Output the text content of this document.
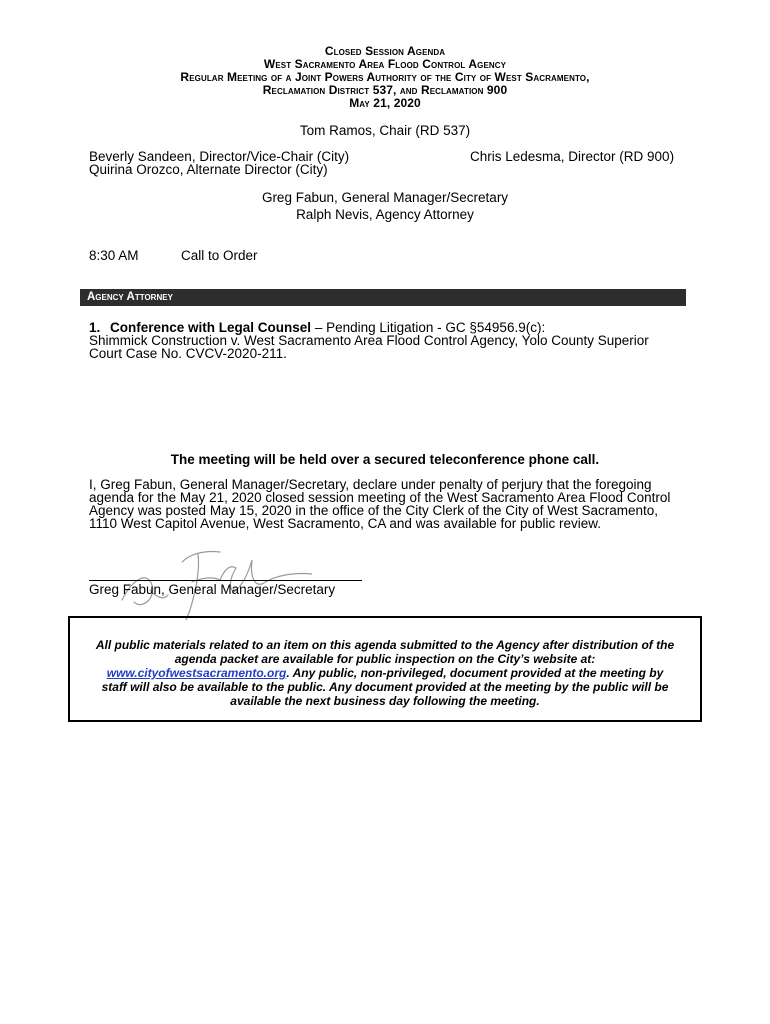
Closed Session Agenda
West Sacramento Area Flood Control Agency
Regular Meeting of a Joint Powers Authority of the City of West Sacramento,
Reclamation District 537, and Reclamation 900
May 21, 2020
Tom Ramos, Chair (RD 537)
Beverly Sandeen, Director/Vice-Chair (City)	Chris Ledesma, Director (RD 900)
Quirina Orozco, Alternate Director (City)
Greg Fabun, General Manager/Secretary
Ralph Nevis, Agency Attorney
8:30 AM	Call to Order
Agency Attorney
1. Conference with Legal Counsel – Pending Litigation - GC §54956.9(c):
Shimmick Construction v. West Sacramento Area Flood Control Agency, Yolo County Superior
Court Case No. CVCV-2020-211.
The meeting will be held over a secured teleconference phone call.
I, Greg Fabun, General Manager/Secretary, declare under penalty of perjury that the foregoing
agenda for the May 21, 2020 closed session meeting of the West Sacramento Area Flood Control
Agency was posted May 15, 2020 in the office of the City Clerk of the City of West Sacramento,
1110 West Capitol Avenue, West Sacramento, CA and was available for public review.
Greg Fabun, General Manager/Secretary
All public materials related to an item on this agenda submitted to the Agency after distribution of the
agenda packet are available for public inspection on the City’s website at:
www.cityofwestsacramento.org. Any public, non-privileged, document provided at the meeting by
staff will also be available to the public. Any document provided at the meeting by the public will be
available the next business day following the meeting.
